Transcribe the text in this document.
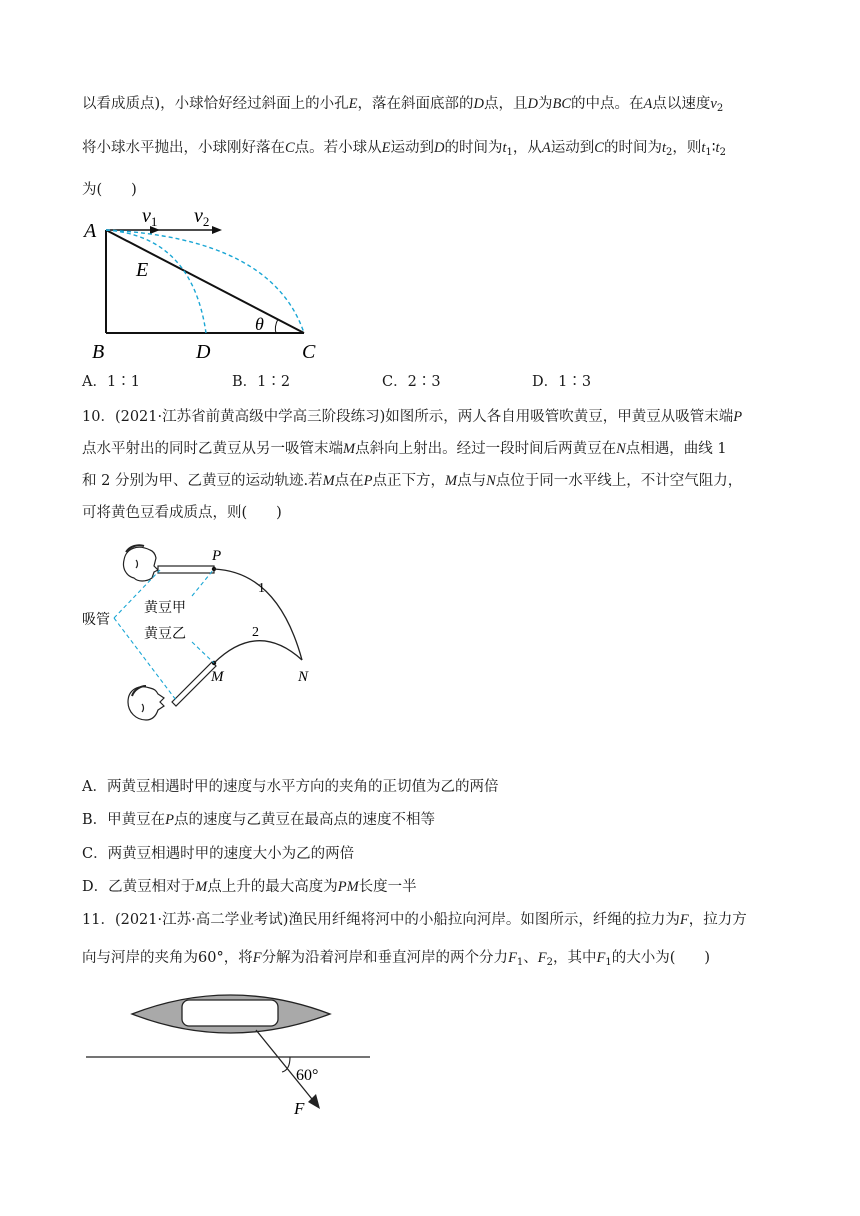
以看成质点)，小球恰好经过斜面上的小孔E，落在斜面底部的D点，且D为BC的中点。在A点以速度$v_2$
将小球水平抛出，小球刚好落在C点。若小球从E运动到D的时间为$t_1$，从A运动到C的时间为$t_2$，则$t_1∶t_2$
为(　　)
A
B	D	C
E
θ
$v_1$ $v_2$
A．1∶1	B．1∶2	C．2∶3	D．1∶3
10．(2021·江苏省前黄高级中学高三阶段练习)如图所示，两人各自用吸管吹黄豆，甲黄豆从吸管末端P
点水平射出的同时乙黄豆从另一吸管末端M点斜向上射出。经过一段时间后两黄豆在N点相遇，曲线 1
和 2 分别为甲、乙黄豆的运动轨迹.若M点在P点正下方，M点与N点位于同一水平线上，不计空气阻力，
可将黄色豆看成质点，则(　　)
P
M	N
1
2
吸管
黄豆甲
黄豆乙
A．两黄豆相遇时甲的速度与水平方向的夹角的正切值为乙的两倍
B．甲黄豆在P点的速度与乙黄豆在最高点的速度不相等
C．两黄豆相遇时甲的速度大小为乙的两倍
D．乙黄豆相对于M点上升的最大高度为PM长度一半
11．(2021·江苏·高二学业考试)渔民用纤绳将河中的小船拉向河岸。如图所示，纤绳的拉力为F，拉力方
向与河岸的夹角为60°，将F分解为沿着河岸和垂直河岸的两个分力$F_1$、$F_2$，其中$F_1$的大小为(　　)
60°
F
